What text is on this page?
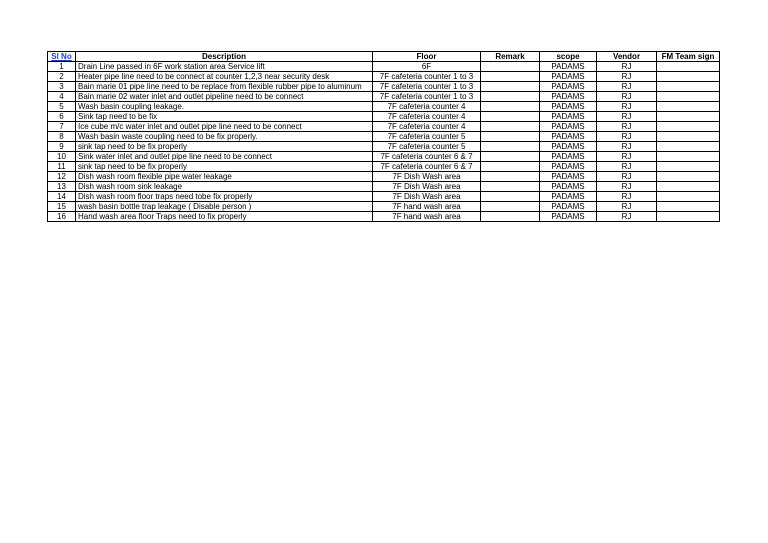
Sl No	Description	Floor	Remark	scope	Vendor	FM Team sign
1	Drain Line passed in 6F work station area Service lift	6F		PADAMS	RJ	
2	Heater pipe line need to be connect at counter 1,2,3 near security desk	7F cafeteria counter 1 to 3		PADAMS	RJ	
3	Bain marie 01 pipe line need to be replace from flexible rubber pipe to aluminum	7F cafeteria counter 1 to 3		PADAMS	RJ	
4	Bain marie 02 water inlet and outlet pipeline need to be connect	7F cafeteria counter 1 to 3		PADAMS	RJ	
5	Wash basin coupling leakage.	7F cafeteria counter 4		PADAMS	RJ	
6	Sink tap need to be fix	7F cafeteria counter 4		PADAMS	RJ	
7	Ice cube m/c water inlet and outlet pipe line need to be connect	7F cafeteria counter 4		PADAMS	RJ	
8	Wash basin waste coupling need to be fix properly.	7F cafeteria counter 5		PADAMS	RJ	
9	sink tap need to be fix properly	7F cafeteria counter 5		PADAMS	RJ	
10	Sink water inlet and outlet pipe line need to be connect	7F cafeteria counter 6 & 7		PADAMS	RJ	
11	sink tap need to be fix properly	7F cafeteria counter 6 & 7		PADAMS	RJ	
12	Dish wash room flexible pipe water leakage	7F Dish Wash area		PADAMS	RJ	
13	Dish wash room sink leakage	7F Dish Wash area		PADAMS	RJ	
14	Dish wash room floor traps need tobe fix properly	7F Dish Wash area		PADAMS	RJ	
15	wash basin bottle trap leakage ( Disable person )	7F hand wash area		PADAMS	RJ	
16	Hand wash area floor Traps need to fix properly	7F hand wash area		PADAMS	RJ	
